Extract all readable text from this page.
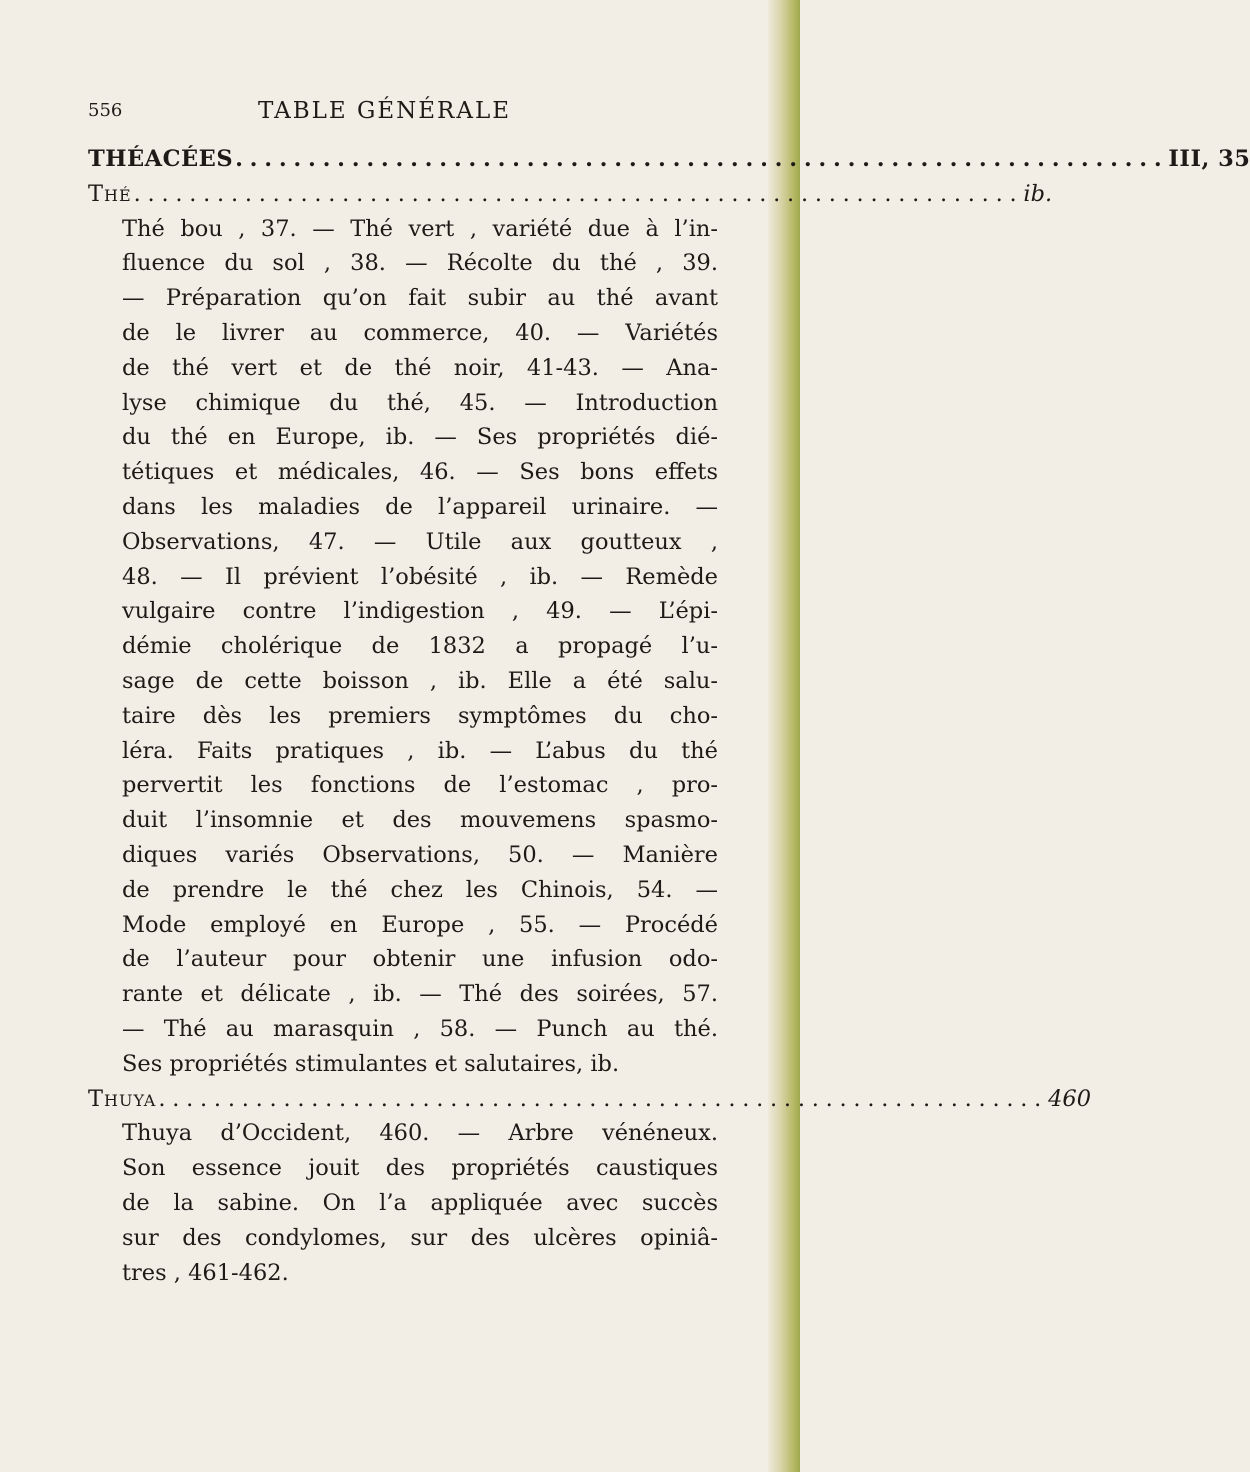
556	TABLE GÉNÉRALE
THÉACÉES ................................................................ III, 35
Thé ................................................................ ib.
Thé bou , 37. — Thé vert , variété due à l’in-
fluence du sol , 38. — Récolte du thé , 39.
— Préparation qu’on fait subir au thé avant
de le livrer au commerce, 40. — Variétés
de thé vert et de thé noir, 41-43. — Ana-
lyse chimique du thé, 45. — Introduction
du thé en Europe, ib. — Ses propriétés dié-
tétiques et médicales, 46. — Ses bons effets
dans les maladies de l’appareil urinaire. —
Observations, 47. — Utile aux goutteux ,
48. — Il prévient l’obésité , ib. — Remède
vulgaire contre l’indigestion , 49. — L’épi-
démie cholérique de 1832 a propagé l’u-
sage de cette boisson , ib. Elle a été salu-
taire dès les premiers symptômes du cho-
léra. Faits pratiques , ib. — L’abus du thé
pervertit les fonctions de l’estomac , pro-
duit l’insomnie et des mouvemens spasmo-
diques variés Observations, 50. — Manière
de prendre le thé chez les Chinois, 54. —
Mode employé en Europe , 55. — Procédé
de l’auteur pour obtenir une infusion odo-
rante et délicate , ib. — Thé des soirées, 57.
— Thé au marasquin , 58. — Punch au thé.
Ses propriétés stimulantes et salutaires, ib.
Thuya ................................................................ 460
Thuya d’Occident, 460. — Arbre vénéneux.
Son essence jouit des propriétés caustiques
de la sabine. On l’a appliquée avec succès
sur des condylomes, sur des ulcères opiniâ-
tres , 461-462.
